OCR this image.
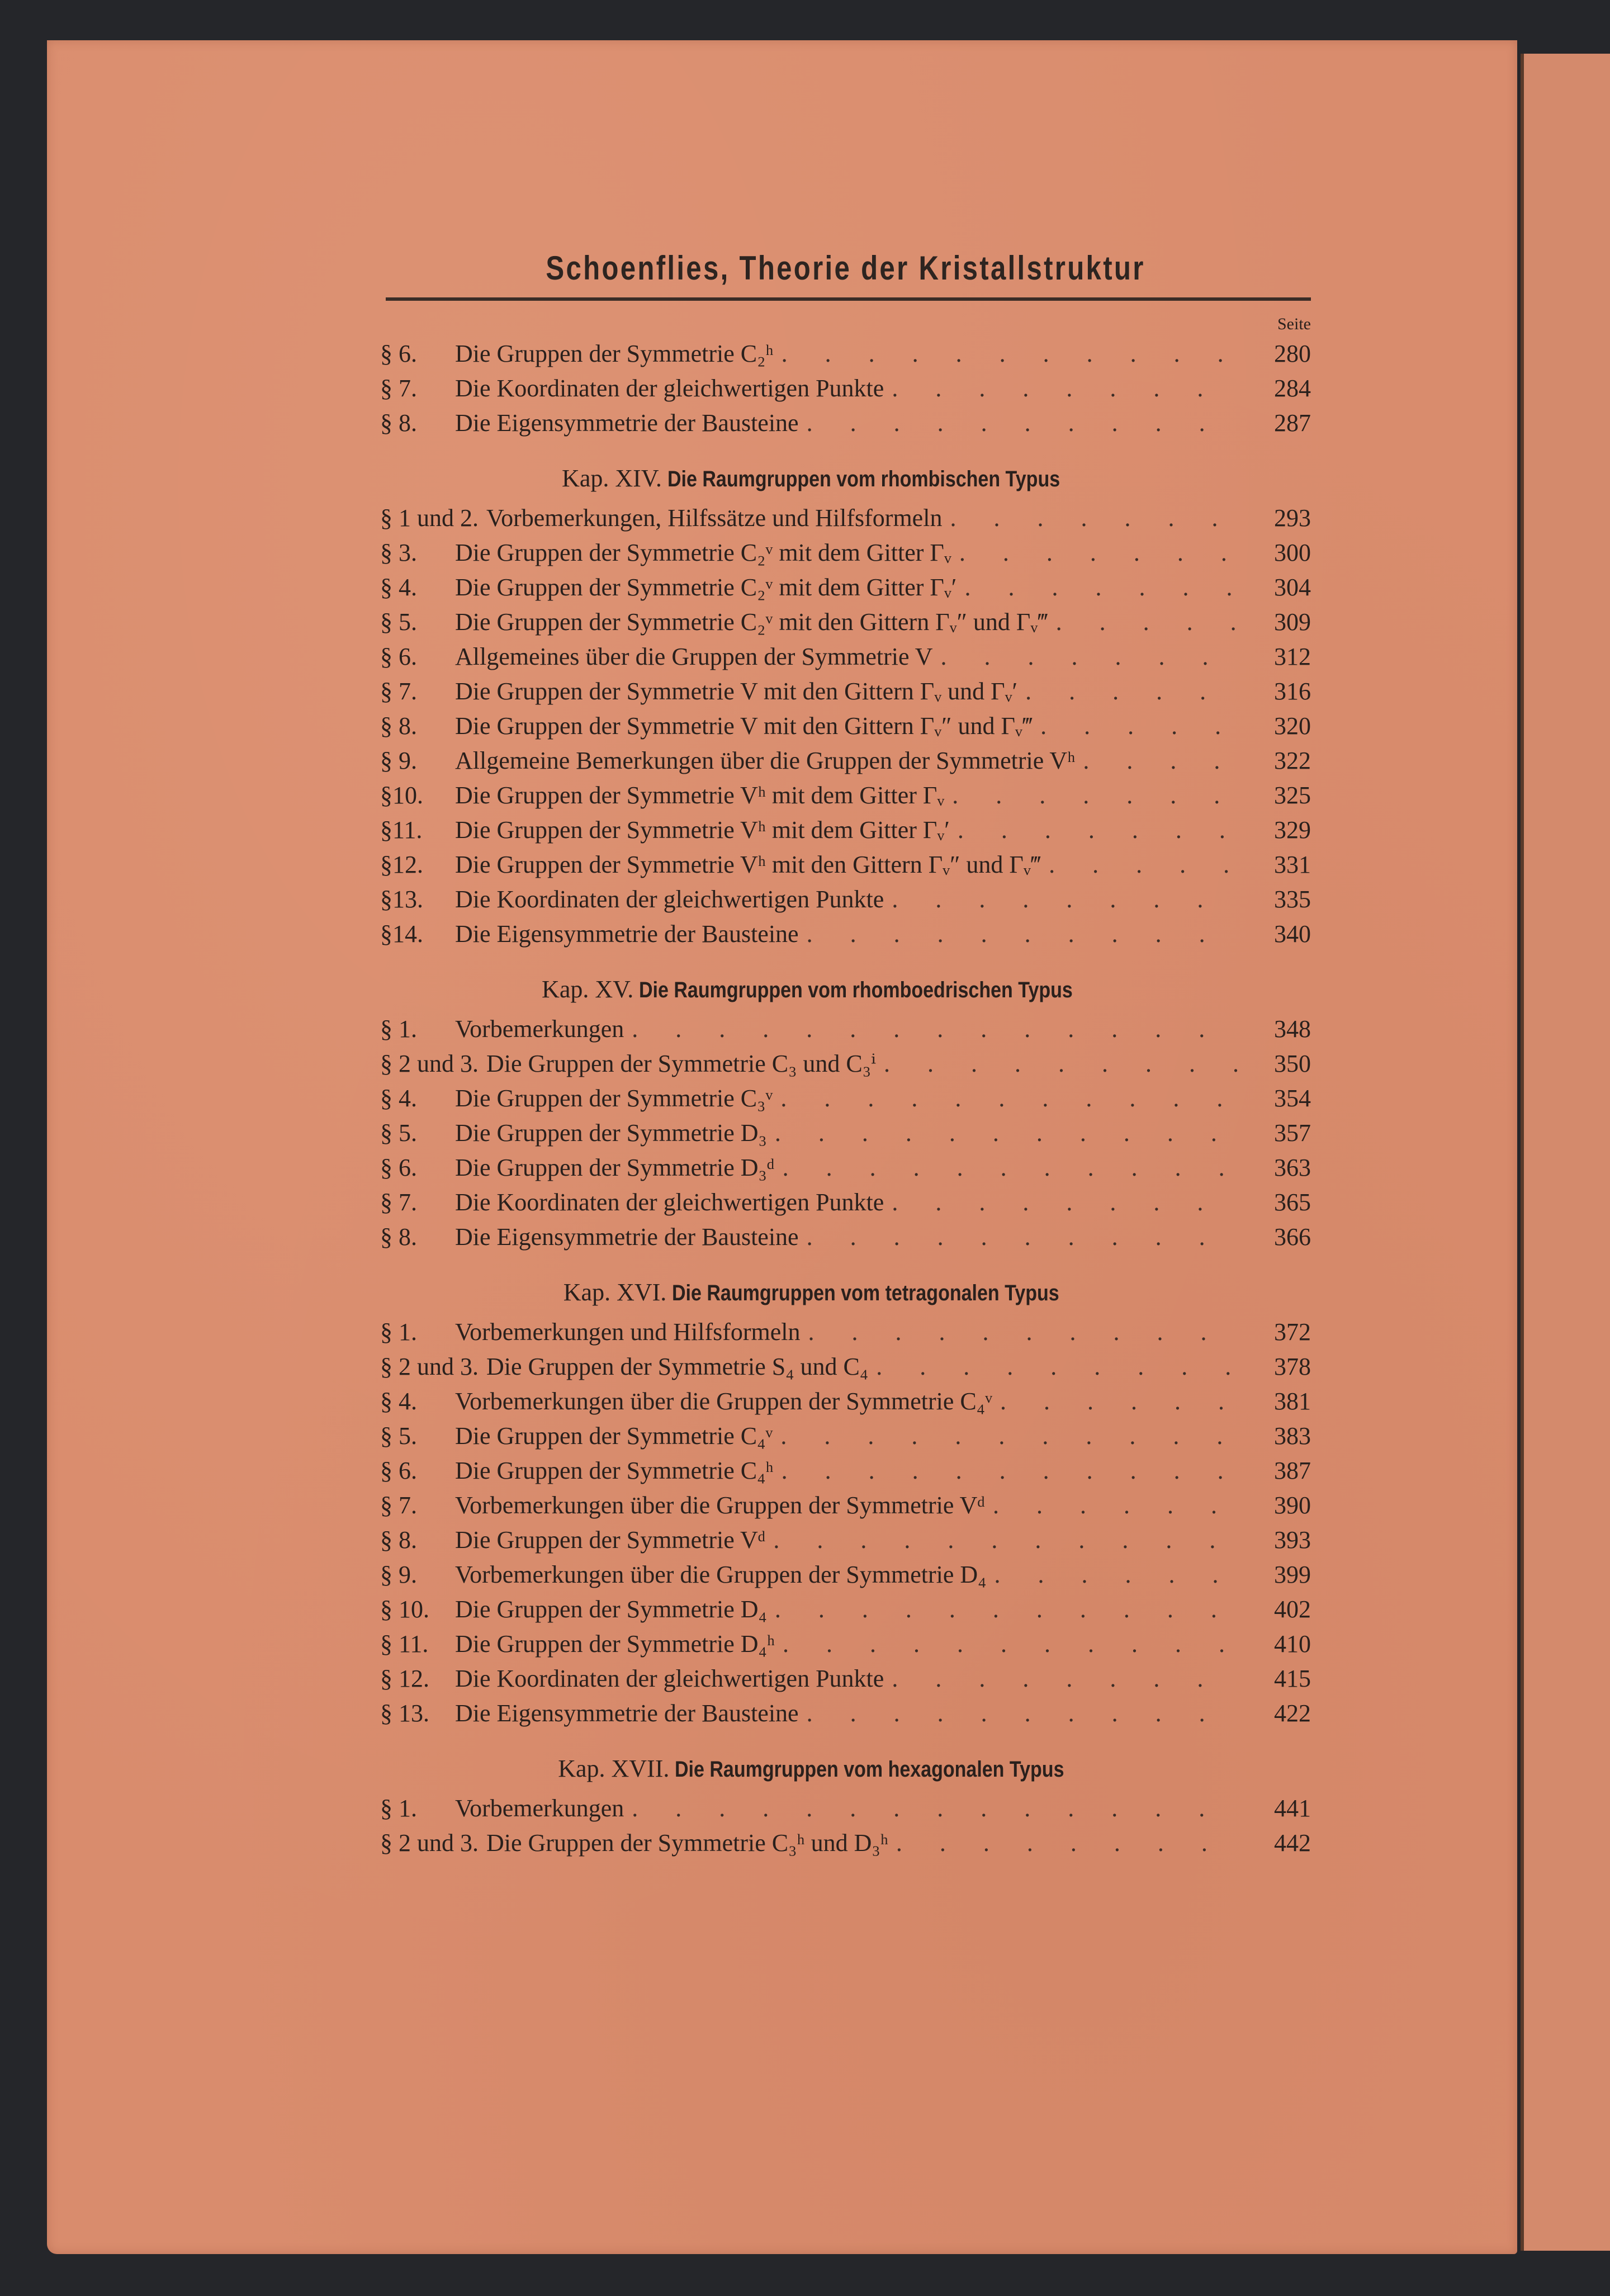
Schoenflies, Theorie der Kristallstruktur
Seite
§ 6.	Die Gruppen der Symmetrie C₂ʰ . . .	280
§ 7.	Die Koordinaten der gleichwertigen Punkte . . .	284
§ 8.	Die Eigensymmetrie der Bausteine . . .	287
Kap. XIV. Die Raumgruppen vom rhombischen Typus
§ 1 und 2. Vorbemerkungen, Hilfssätze und Hilfsformeln . . .	293
§ 3.	Die Gruppen der Symmetrie C₂ᵛ mit dem Gitter Γᵥ . . .	300
§ 4.	Die Gruppen der Symmetrie C₂ᵛ mit dem Gitter Γᵥ′ . . .	304
§ 5.	Die Gruppen der Symmetrie C₂ᵛ mit den Gittern Γᵥ″ und Γᵥ‴ . . .	309
§ 6.	Allgemeines über die Gruppen der Symmetrie V . . .	312
§ 7.	Die Gruppen der Symmetrie V mit den Gittern Γᵥ und Γᵥ′ . . .	316
§ 8.	Die Gruppen der Symmetrie V mit den Gittern Γᵥ″ und Γᵥ‴ . . .	320
§ 9.	Allgemeine Bemerkungen über die Gruppen der Symmetrie Vʰ . . .	322
§10.	Die Gruppen der Symmetrie Vʰ mit dem Gitter Γᵥ . . .	325
§11.	Die Gruppen der Symmetrie Vʰ mit dem Gitter Γᵥ′ . . .	329
§12.	Die Gruppen der Symmetrie Vʰ mit den Gittern Γᵥ″ und Γᵥ‴ . . .	331
§13.	Die Koordinaten der gleichwertigen Punkte . . .	335
§14.	Die Eigensymmetrie der Bausteine . . .	340
Kap. XV. Die Raumgruppen vom rhomboedrischen Typus
§ 1.	Vorbemerkungen . . .	348
§ 2 und 3. Die Gruppen der Symmetrie C₃ und C₃ⁱ . . .	350
§ 4.	Die Gruppen der Symmetrie C₃ᵛ . . .	354
§ 5.	Die Gruppen der Symmetrie D₃ . . .	357
§ 6.	Die Gruppen der Symmetrie D₃ᵈ . . .	363
§ 7.	Die Koordinaten der gleichwertigen Punkte . . .	365
§ 8.	Die Eigensymmetrie der Bausteine . . .	366
Kap. XVI. Die Raumgruppen vom tetragonalen Typus
§ 1.	Vorbemerkungen und Hilfsformeln . . .	372
§ 2 und 3. Die Gruppen der Symmetrie S₄ und C₄ . . .	378
§ 4.	Vorbemerkungen über die Gruppen der Symmetrie C₄ᵛ . . .	381
§ 5.	Die Gruppen der Symmetrie C₄ᵛ . . .	383
§ 6.	Die Gruppen der Symmetrie C₄ʰ . . .	387
§ 7.	Vorbemerkungen über die Gruppen der Symmetrie Vᵈ . . .	390
§ 8.	Die Gruppen der Symmetrie Vᵈ . . .	393
§ 9.	Vorbemerkungen über die Gruppen der Symmetrie D₄ . . .	399
§ 10.	Die Gruppen der Symmetrie D₄ . . .	402
§ 11.	Die Gruppen der Symmetrie D₄ʰ . . .	410
§ 12.	Die Koordinaten der gleichwertigen Punkte . . .	415
§ 13.	Die Eigensymmetrie der Bausteine . . .	422
Kap. XVII. Die Raumgruppen vom hexagonalen Typus
§ 1.	Vorbemerkungen . . .	441
§ 2 und 3. Die Gruppen der Symmetrie C₃ʰ und D₃ʰ . . .	442
